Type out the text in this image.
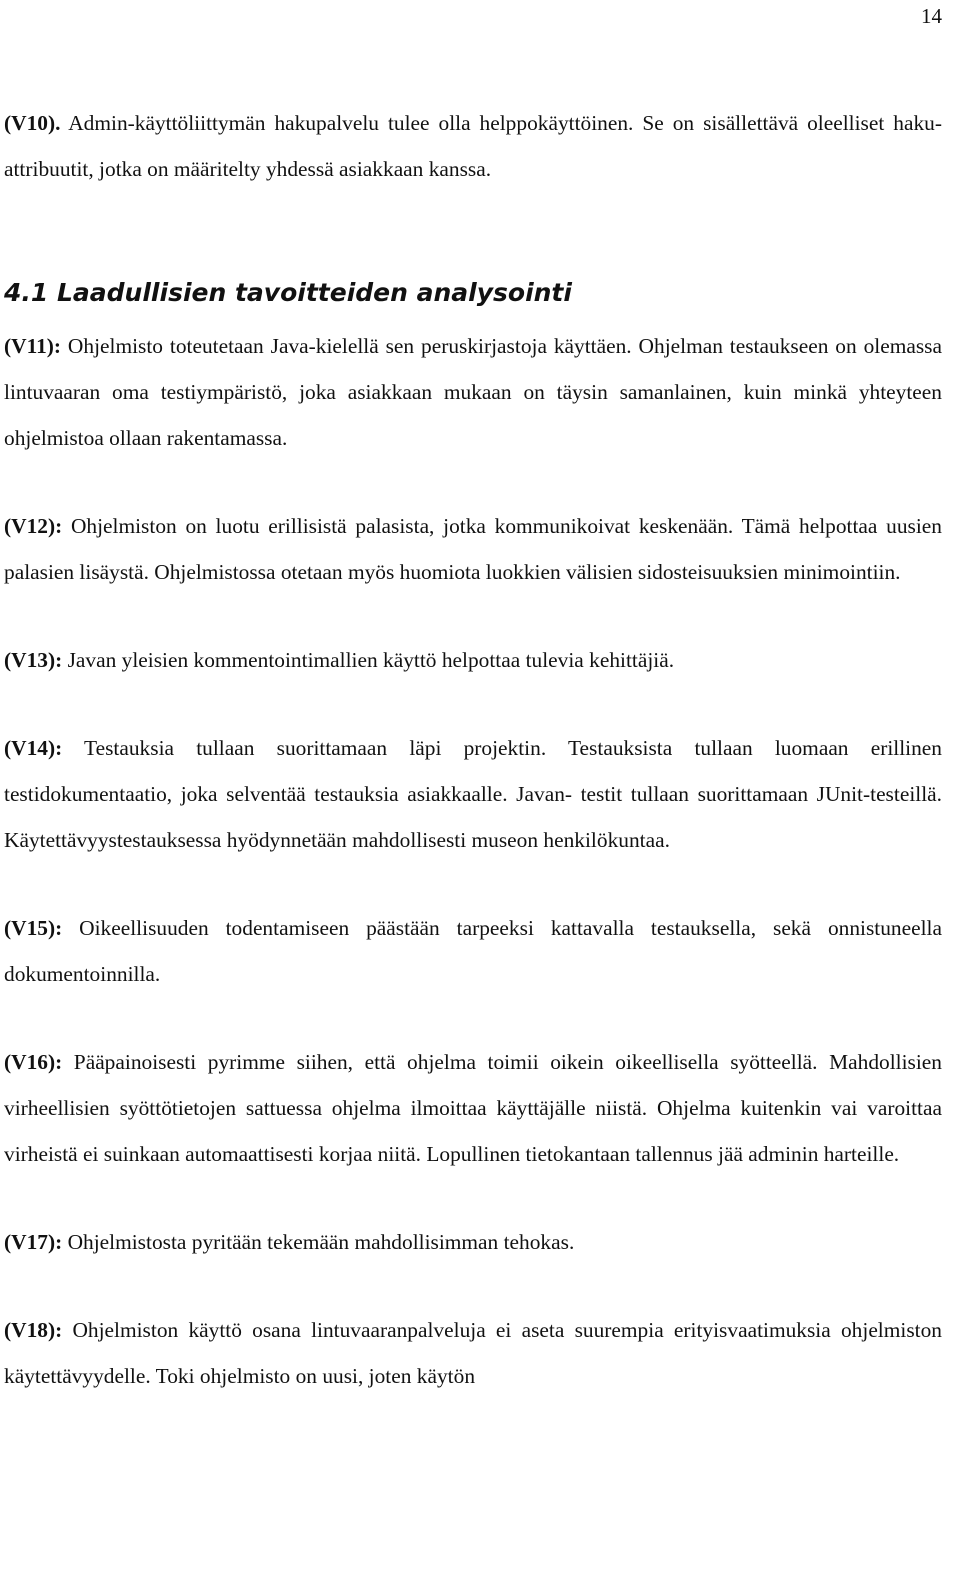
14

(V10). Admin-käyttöliittymän hakupalvelu tulee olla helppokäyttöinen. Se on sisällettävä oleelliset haku-attribuutit, jotka on määritelty yhdessä asiakkaan kanssa.

4.1 Laadullisien tavoitteiden analysointi

(V11): Ohjelmisto toteutetaan Java-kielellä sen peruskirjastoja käyttäen. Ohjelman testaukseen on olemassa lintuvaaran oma testiympäristö, joka asiakkaan mukaan on täysin samanlainen, kuin minkä yhteyteen ohjelmistoa ollaan rakentamassa.

(V12): Ohjelmiston on luotu erillisistä palasista, jotka kommunikoivat keskenään. Tämä helpottaa uusien palasien lisäystä. Ohjelmistossa otetaan myös huomiota luokkien välisien sidosteisuuksien minimointiin.

(V13): Javan yleisien kommentointimallien käyttö helpottaa tulevia kehittäjiä.

(V14): Testauksia tullaan suorittamaan läpi projektin. Testauksista tullaan luomaan erillinen testidokumentaatio, joka selventää testauksia asiakkaalle. Javan- testit tullaan suorittamaan JUnit-testeillä. Käytettävyystestauksessa hyödynnetään mahdollisesti museon henkilökuntaa.

(V15): Oikeellisuuden todentamiseen päästään tarpeeksi kattavalla testauksella, sekä onnistuneella dokumentoinnilla.

(V16): Pääpainoisesti pyrimme siihen, että ohjelma toimii oikein oikeellisella syötteellä. Mahdollisien virheellisien syöttötietojen sattuessa ohjelma ilmoittaa käyttäjälle niistä. Ohjelma kuitenkin vai varoittaa virheistä ei suinkaan automaattisesti korjaa niitä. Lopullinen tietokantaan tallennus jää adminin harteille.

(V17): Ohjelmistosta pyritään tekemään mahdollisimman tehokas.

(V18): Ohjelmiston käyttö osana lintuvaaranpalveluja ei aseta suurempia erityisvaatimuksia ohjelmiston käytettävyydelle. Toki ohjelmisto on uusi, joten käytön
